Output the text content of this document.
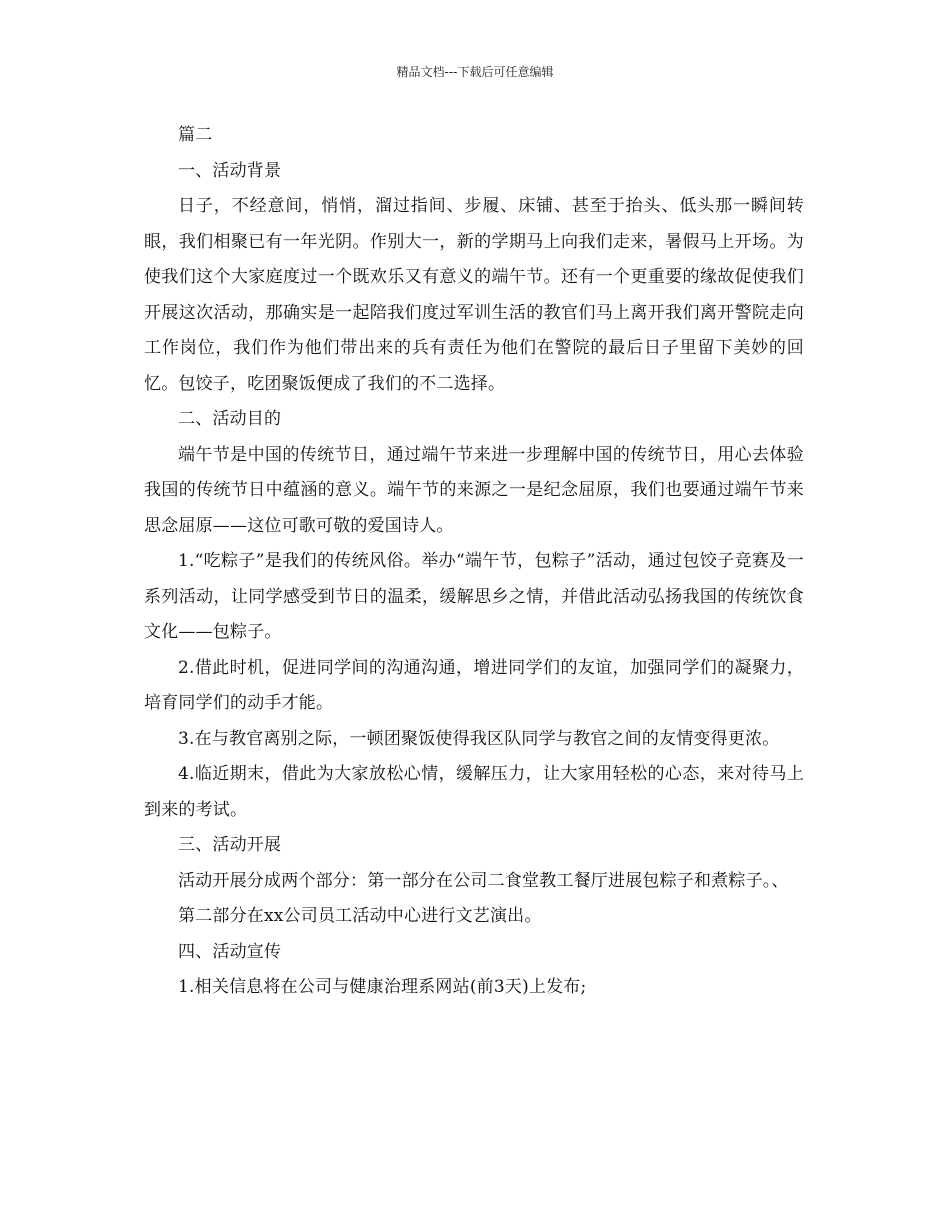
精品文档---下载后可任意编辑

篇二

一、活动背景

日子，不经意间，悄悄，溜过指间、步履、床铺、甚至于抬头、低头那一瞬间转眼，我们相聚已有一年光阴。作别大一，新的学期马上向我们走来，暑假马上开场。为使我们这个大家庭度过一个既欢乐又有意义的端午节。还有一个更重要的缘故促使我们开展这次活动，那确实是一起陪我们度过军训生活的教官们马上离开我们离开警院走向工作岗位，我们作为他们带出来的兵有责任为他们在警院的最后日子里留下美妙的回忆。包饺子，吃团聚饭便成了我们的不二选择。

二、活动目的

端午节是中国的传统节日，通过端午节来进一步理解中国的传统节日，用心去体验我国的传统节日中蕴涵的意义。端午节的来源之一是纪念屈原，我们也要通过端午节来思念屈原——这位可歌可敬的爱国诗人。

1.“吃粽子”是我们的传统风俗。举办“端午节，包粽子”活动，通过包饺子竞赛及一系列活动，让同学感受到节日的温柔，缓解思乡之情，并借此活动弘扬我国的传统饮食文化——包粽子。

2.借此时机，促进同学间的沟通沟通，增进同学们的友谊，加强同学们的凝聚力，培育同学们的动手才能。

3.在与教官离别之际，一顿团聚饭使得我区队同学与教官之间的友情变得更浓。

4.临近期末，借此为大家放松心情，缓解压力，让大家用轻松的心态，来对待马上到来的考试。

三、活动开展

活动开展分成两个部分：第一部分在公司二食堂教工餐厅进展包粽子和煮粽子。、

第二部分在xx公司员工活动中心进行文艺演出。

四、活动宣传

1.相关信息将在公司与健康治理系网站(前3天)上发布;
